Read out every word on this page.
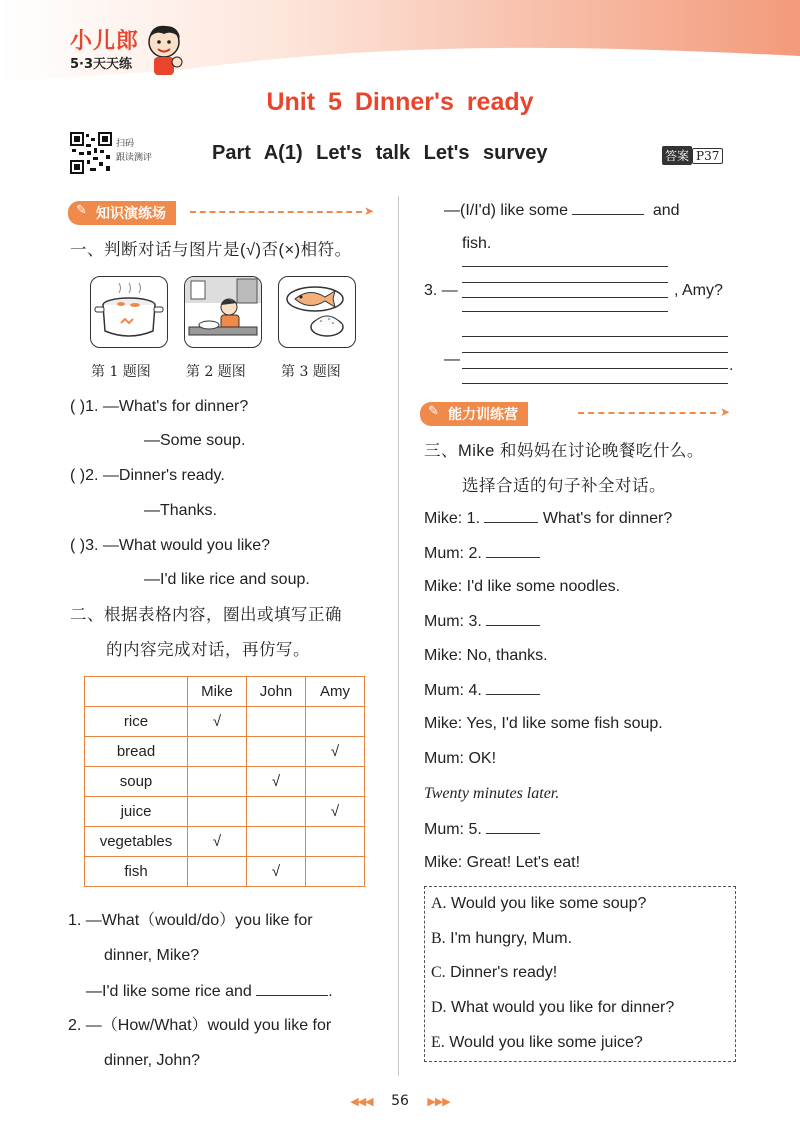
小儿郎
5·3天天练
Unit 5 Dinner's ready
扫码
跟读测评	Part A(1) Let's talk Let's survey	答案 P37
✎ 知识演练场	➤
一、判断对话与图片是(√)否(×)相符。
第 1 题图	第 2 题图	第 3 题图
( )1. —What's for dinner?
—Some soup.
( )2. —Dinner's ready.
—Thanks.
( )3. —What would you like?
—I'd like rice and soup.
二、根据表格内容，圈出或填写正确
的内容完成对话，再仿写。
	Mike	John	Amy
rice	√		
bread			√
soup		√	
juice			√
vegetables	√		
fish		√	
1. —What（would/do）you like for
dinner, Mike?
—I'd like some rice and	.
2. —（How/What）would you like for
dinner, John?
—(I/I'd) like some	and
fish.
3. —	, Amy?
—	.
✎ 能力训练营	➤
三、Mike 和妈妈在讨论晚餐吃什么。
选择合适的句子补全对话。
Mike: 1.	What's for dinner?
Mum: 2.
Mike: I'd like some noodles.
Mum: 3.
Mike: No, thanks.
Mum: 4.
Mike: Yes, I'd like some fish soup.
Mum: OK!
Twenty minutes later.
Mum: 5.
Mike: Great! Let's eat!
A. Would you like some soup?
B. I'm hungry, Mum.
C. Dinner's ready!
D. What would you like for dinner?
E. Would you like some juice?
◀◀◀ 56 ▶▶▶
